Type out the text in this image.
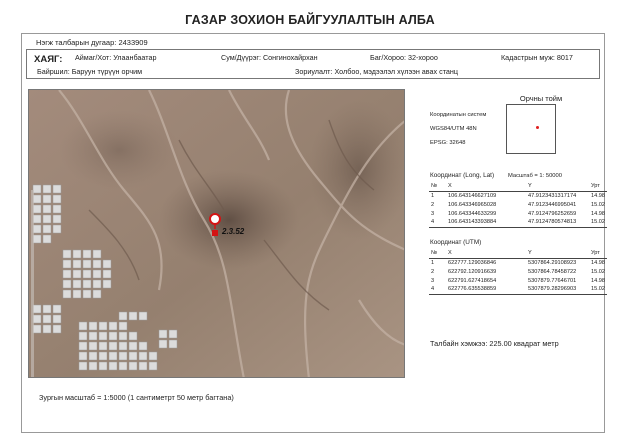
ГАЗАР ЗОХИОН БАЙГУУЛАЛТЫН АЛБА
Нэгж талбарын дугаар: 2433909
ХАЯГ: Аймаг/Хот: Улаанбаатар	Сум/Дүүрэг: Сонгинохайрхан	Баг/Хороо: 32-хороо	Кадастрын муж: 8017
Байршил: Баруун түрүүн орчим	Зориулалт: Холбоо, мэдээлэл хүлээн авах станц
2.3.52
Орчны тойм
Координатын систем
WGS84/UTM 48N
EPSG: 32648
Координат (Long, Lat) Масштаб = 1: 50000
№	X	Y	Урт
1	106.643146627109	47.9123431317174	14.98
2	106.643346965028	47.9123446995041	15.02
3	106.643344633299	47.9124796252659	14.98
4	106.643143393884	47.9124780574813	15.02
Координат (UTM)
№	X	Y	Урт
1	622777.129036846	5307864.29108923	14.98
2	622792.120916639	5307864.78458722	15.02
3	622791.627418654	5307879.77646701	14.98
4	622776.635538859	5307879.28296903	15.02
Талбайн хэмжээ: 225.00 квадрат метр
Зургын масштаб = 1:5000 (1 сантиметрт 50 метр багтана)
